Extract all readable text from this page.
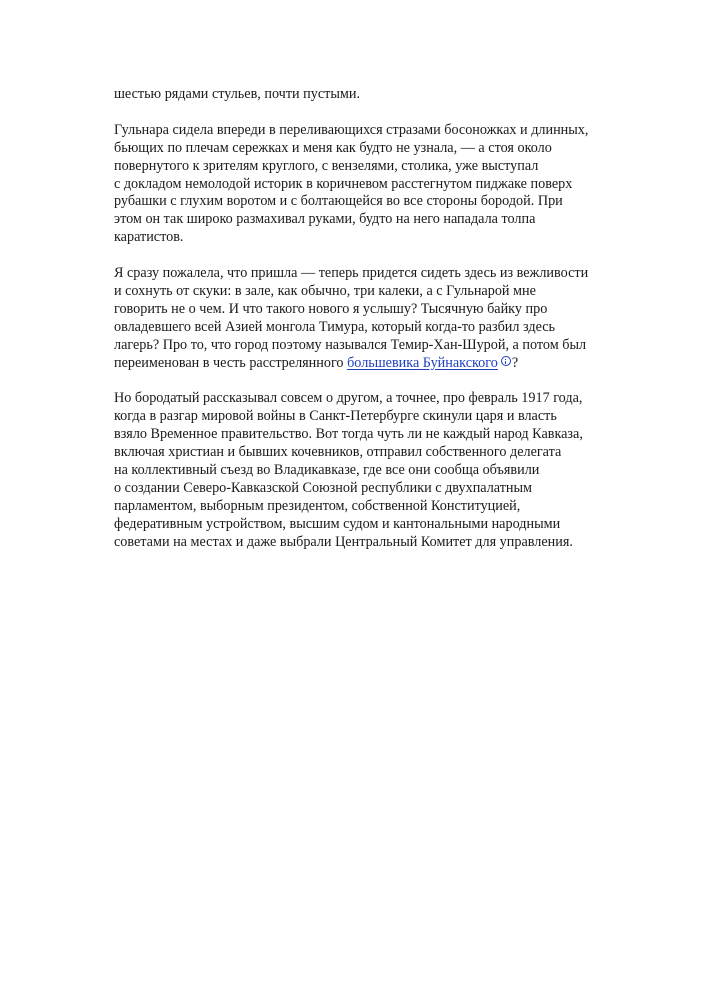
шестью рядами стульев, почти пустыми.

Гульнара сидела впереди в переливающихся стразами босоножках и длинных,
бьющих по плечам сережках и меня как будто не узнала, — а стоя около
повернутого к зрителям круглого, с вензелями, столика, уже выступал
с докладом немолодой историк в коричневом расстегнутом пиджаке поверх
рубашки с глухим воротом и с болтающейся во все стороны бородой. При
этом он так широко размахивал руками, будто на него нападала толпа
каратистов.

Я сразу пожалела, что пришла — теперь придется сидеть здесь из вежливости
и сохнуть от скуки: в зале, как обычно, три калеки, а с Гульнарой мне
говорить не о чем. И что такого нового я услышу? Тысячную байку про
овладевшего всей Азией монгола Тимура, который когда-то разбил здесь
лагерь? Про то, что город поэтому назывался Темир-Хан-Шурой, а потом был
переименован в честь расстрелянного большевика Буйнакского ?

Но бородатый рассказывал совсем о другом, а точнее, про февраль 1917 года,
когда в разгар мировой войны в Санкт-Петербурге скинули царя и власть
взяло Временное правительство. Вот тогда чуть ли не каждый народ Кавказа,
включая христиан и бывших кочевников, отправил собственного делегата
на коллективный съезд во Владикавказе, где все они сообща объявили
о создании Северо-Кавказской Союзной республики с двухпалатным
парламентом, выборным президентом, собственной Конституцией,
федеративным устройством, высшим судом и кантональными народными
советами на местах и даже выбрали Центральный Комитет для управления.
